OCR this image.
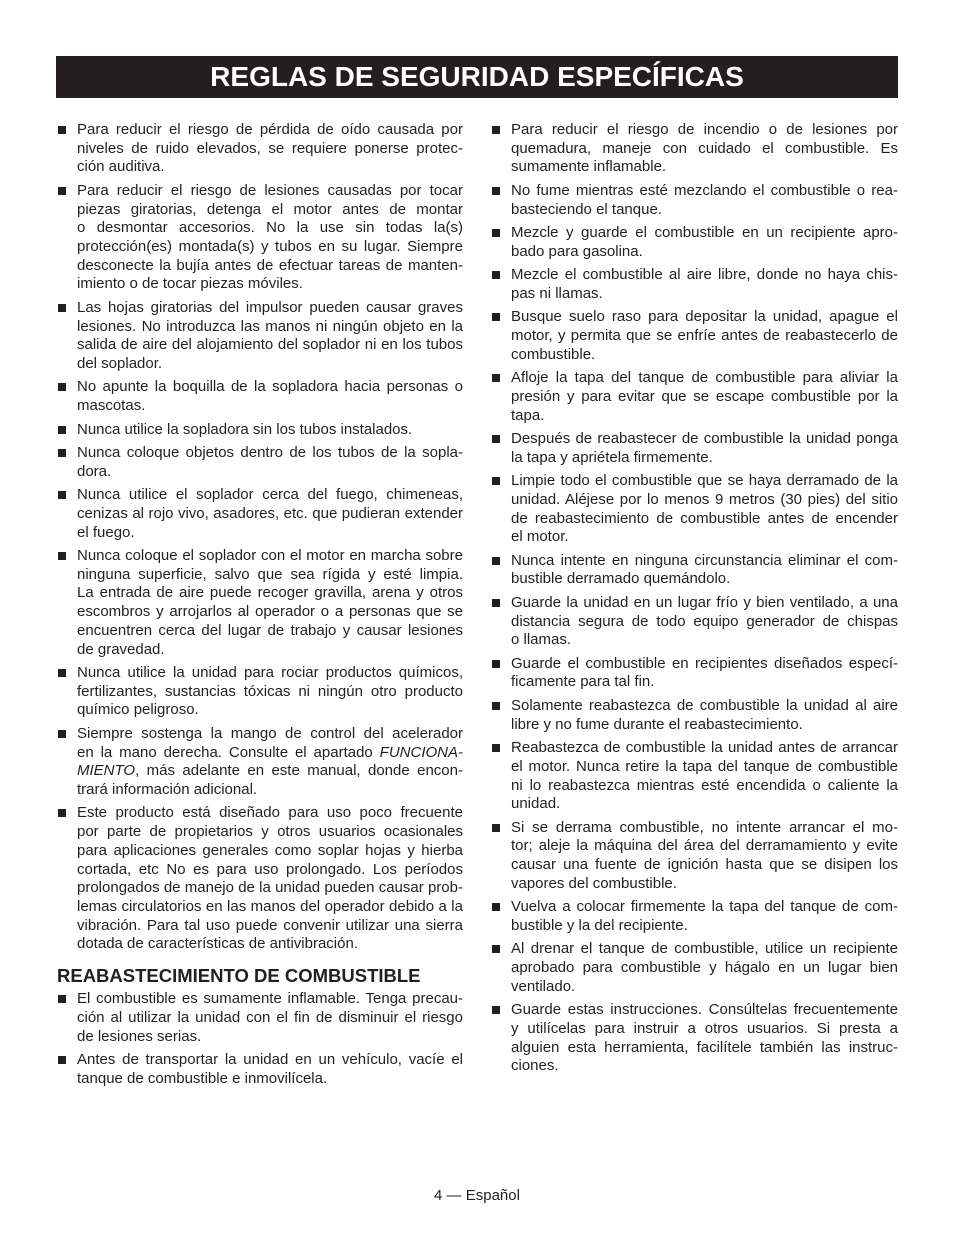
REGLAS DE SEGURIDAD ESPECÍFICAS
Para reducir el riesgo de pérdida de oído causada por
niveles de ruido elevados, se requiere ponerse protec-
ción auditiva.
Para reducir el riesgo de lesiones causadas por tocar
piezas giratorias, detenga el motor antes de montar
o desmontar accesorios. No la use sin todas la(s)
protección(es) montada(s) y tubos en su lugar. Siempre
desconecte la bujía antes de efectuar tareas de manten-
imiento o de tocar piezas móviles.
Las hojas giratorias del impulsor pueden causar graves
lesiones. No introduzca las manos ni ningún objeto en la
salida de aire del alojamiento del soplador ni en los tubos
del soplador.
No apunte la boquilla de la sopladora hacia personas o
mascotas.
Nunca utilice la sopladora sin los tubos instalados.
Nunca coloque objetos dentro de los tubos de la sopla-
dora.
Nunca utilice el soplador cerca del fuego, chimeneas,
cenizas al rojo vivo, asadores, etc. que pudieran extender
el fuego.
Nunca coloque el soplador con el motor en marcha sobre
ninguna superficie, salvo que sea rígida y esté limpia.
La entrada de aire puede recoger gravilla, arena y otros
escombros y arrojarlos al operador o a personas que se
encuentren cerca del lugar de trabajo y causar lesiones
de gravedad.
Nunca utilice la unidad para rociar productos químicos,
fertilizantes, sustancias tóxicas ni ningún otro producto
químico peligroso.
Siempre sostenga la mango de control del acelerador
en la mano derecha. Consulte el apartado FUNCIONA-
MIENTO, más adelante en este manual, donde encon-
trará información adicional.
Este producto está diseñado para uso poco frecuente
por parte de propietarios y otros usuarios ocasionales
para aplicaciones generales como soplar hojas y hierba
cortada, etc No es para uso prolongado. Los períodos
prolongados de manejo de la unidad pueden causar prob-
lemas circulatorios en las manos del operador debido a la
vibración. Para tal uso puede convenir utilizar una sierra
dotada de características de antivibración.
REABASTECIMIENTO DE COMBUSTIBLE
El combustible es sumamente inflamable. Tenga precau-
ción al utilizar la unidad con el fin de disminuir el riesgo
de lesiones serias.
Antes de transportar la unidad en un vehículo, vacíe el
tanque de combustible e inmovilícela.
Para reducir el riesgo de incendio o de lesiones por
quemadura, maneje con cuidado el combustible. Es
sumamente inflamable.
No fume mientras esté mezclando el combustible o rea-
basteciendo el tanque.
Mezcle y guarde el combustible en un recipiente apro-
bado para gasolina.
Mezcle el combustible al aire libre, donde no haya chis-
pas ni llamas.
Busque suelo raso para depositar la unidad, apague el
motor, y permita que se enfríe antes de reabastecerlo de
combustible.
Afloje la tapa del tanque de combustible para aliviar la
presión y para evitar que se escape combustible por la
tapa.
Después de reabastecer de combustible la unidad ponga
la tapa y apriétela firmemente.
Limpie todo el combustible que se haya derramado de la
unidad. Aléjese por lo menos 9 metros (30 pies) del sitio
de reabastecimiento de combustible antes de encender
el motor.
Nunca intente en ninguna circunstancia eliminar el com-
bustible derramado quemándolo.
Guarde la unidad en un lugar frío y bien ventilado, a una
distancia segura de todo equipo generador de chispas
o llamas.
Guarde el combustible en recipientes diseñados especí-
ficamente para tal fin.
Solamente reabastezca de combustible la unidad al aire
libre y no fume durante el reabastecimiento.
Reabastezca de combustible la unidad antes de arrancar
el motor. Nunca retire la tapa del tanque de combustible
ni lo reabastezca mientras esté encendida o caliente la
unidad.
Si se derrama combustible, no intente arrancar el mo-
tor; aleje la máquina del área del derramamiento y evite
causar una fuente de ignición hasta que se disipen los
vapores del combustible.
Vuelva a colocar firmemente la tapa del tanque de com-
bustible y la del recipiente.
Al drenar el tanque de combustible, utilice un recipiente
aprobado para combustible y hágalo en un lugar bien
ventilado.
Guarde estas instrucciones. Consúltelas frecuentemente
y utilícelas para instruir a otros usuarios. Si presta a
alguien esta herramienta, facilítele también las instruc-
ciones.
4 — Español
